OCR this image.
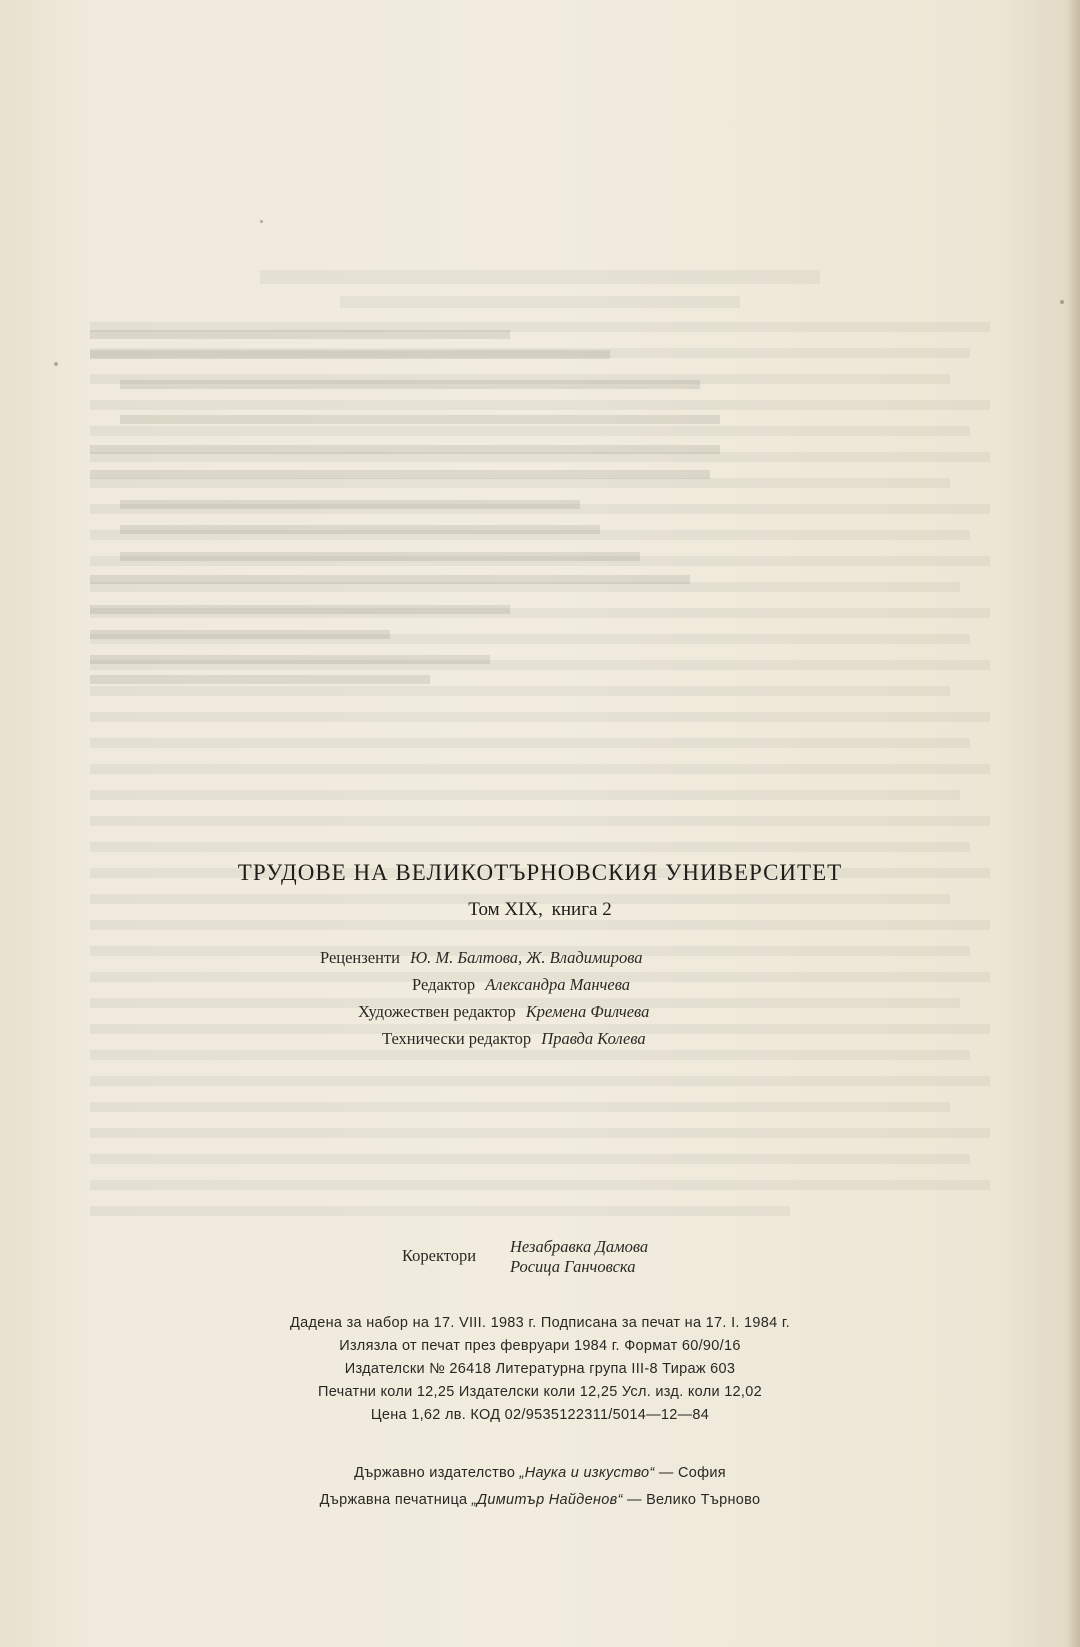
ТРУДОВЕ НА ВЕЛИКОТЪРНОВСКИЯ УНИВЕРСИТЕТ
Том XIX, книга 2
Рецензенти Ю. М. Балтова, Ж. Владимирова
Редактор Александра Манчева
Художествен редактор Кремена Филчева
Технически редактор Правда Колева
Коректори Незабравка Дамова
Росица Ганчовска
Дадена за набор на 17. VIII. 1983 г. Подписана за печат на 17. I. 1984 г.
Излязла от печат през февруари 1984 г. Формат 60/90/16
Издателски № 26418 Литературна група III-8 Тираж 603
Печатни коли 12,25 Издателски коли 12,25 Усл. изд. коли 12,02
Цена 1,62 лв. КОД 02/9535122311/5014—12—84
Държавно издателство „Наука и изкуство“ — София
Държавна печатница „Димитър Найденов“ — Велико Търново
